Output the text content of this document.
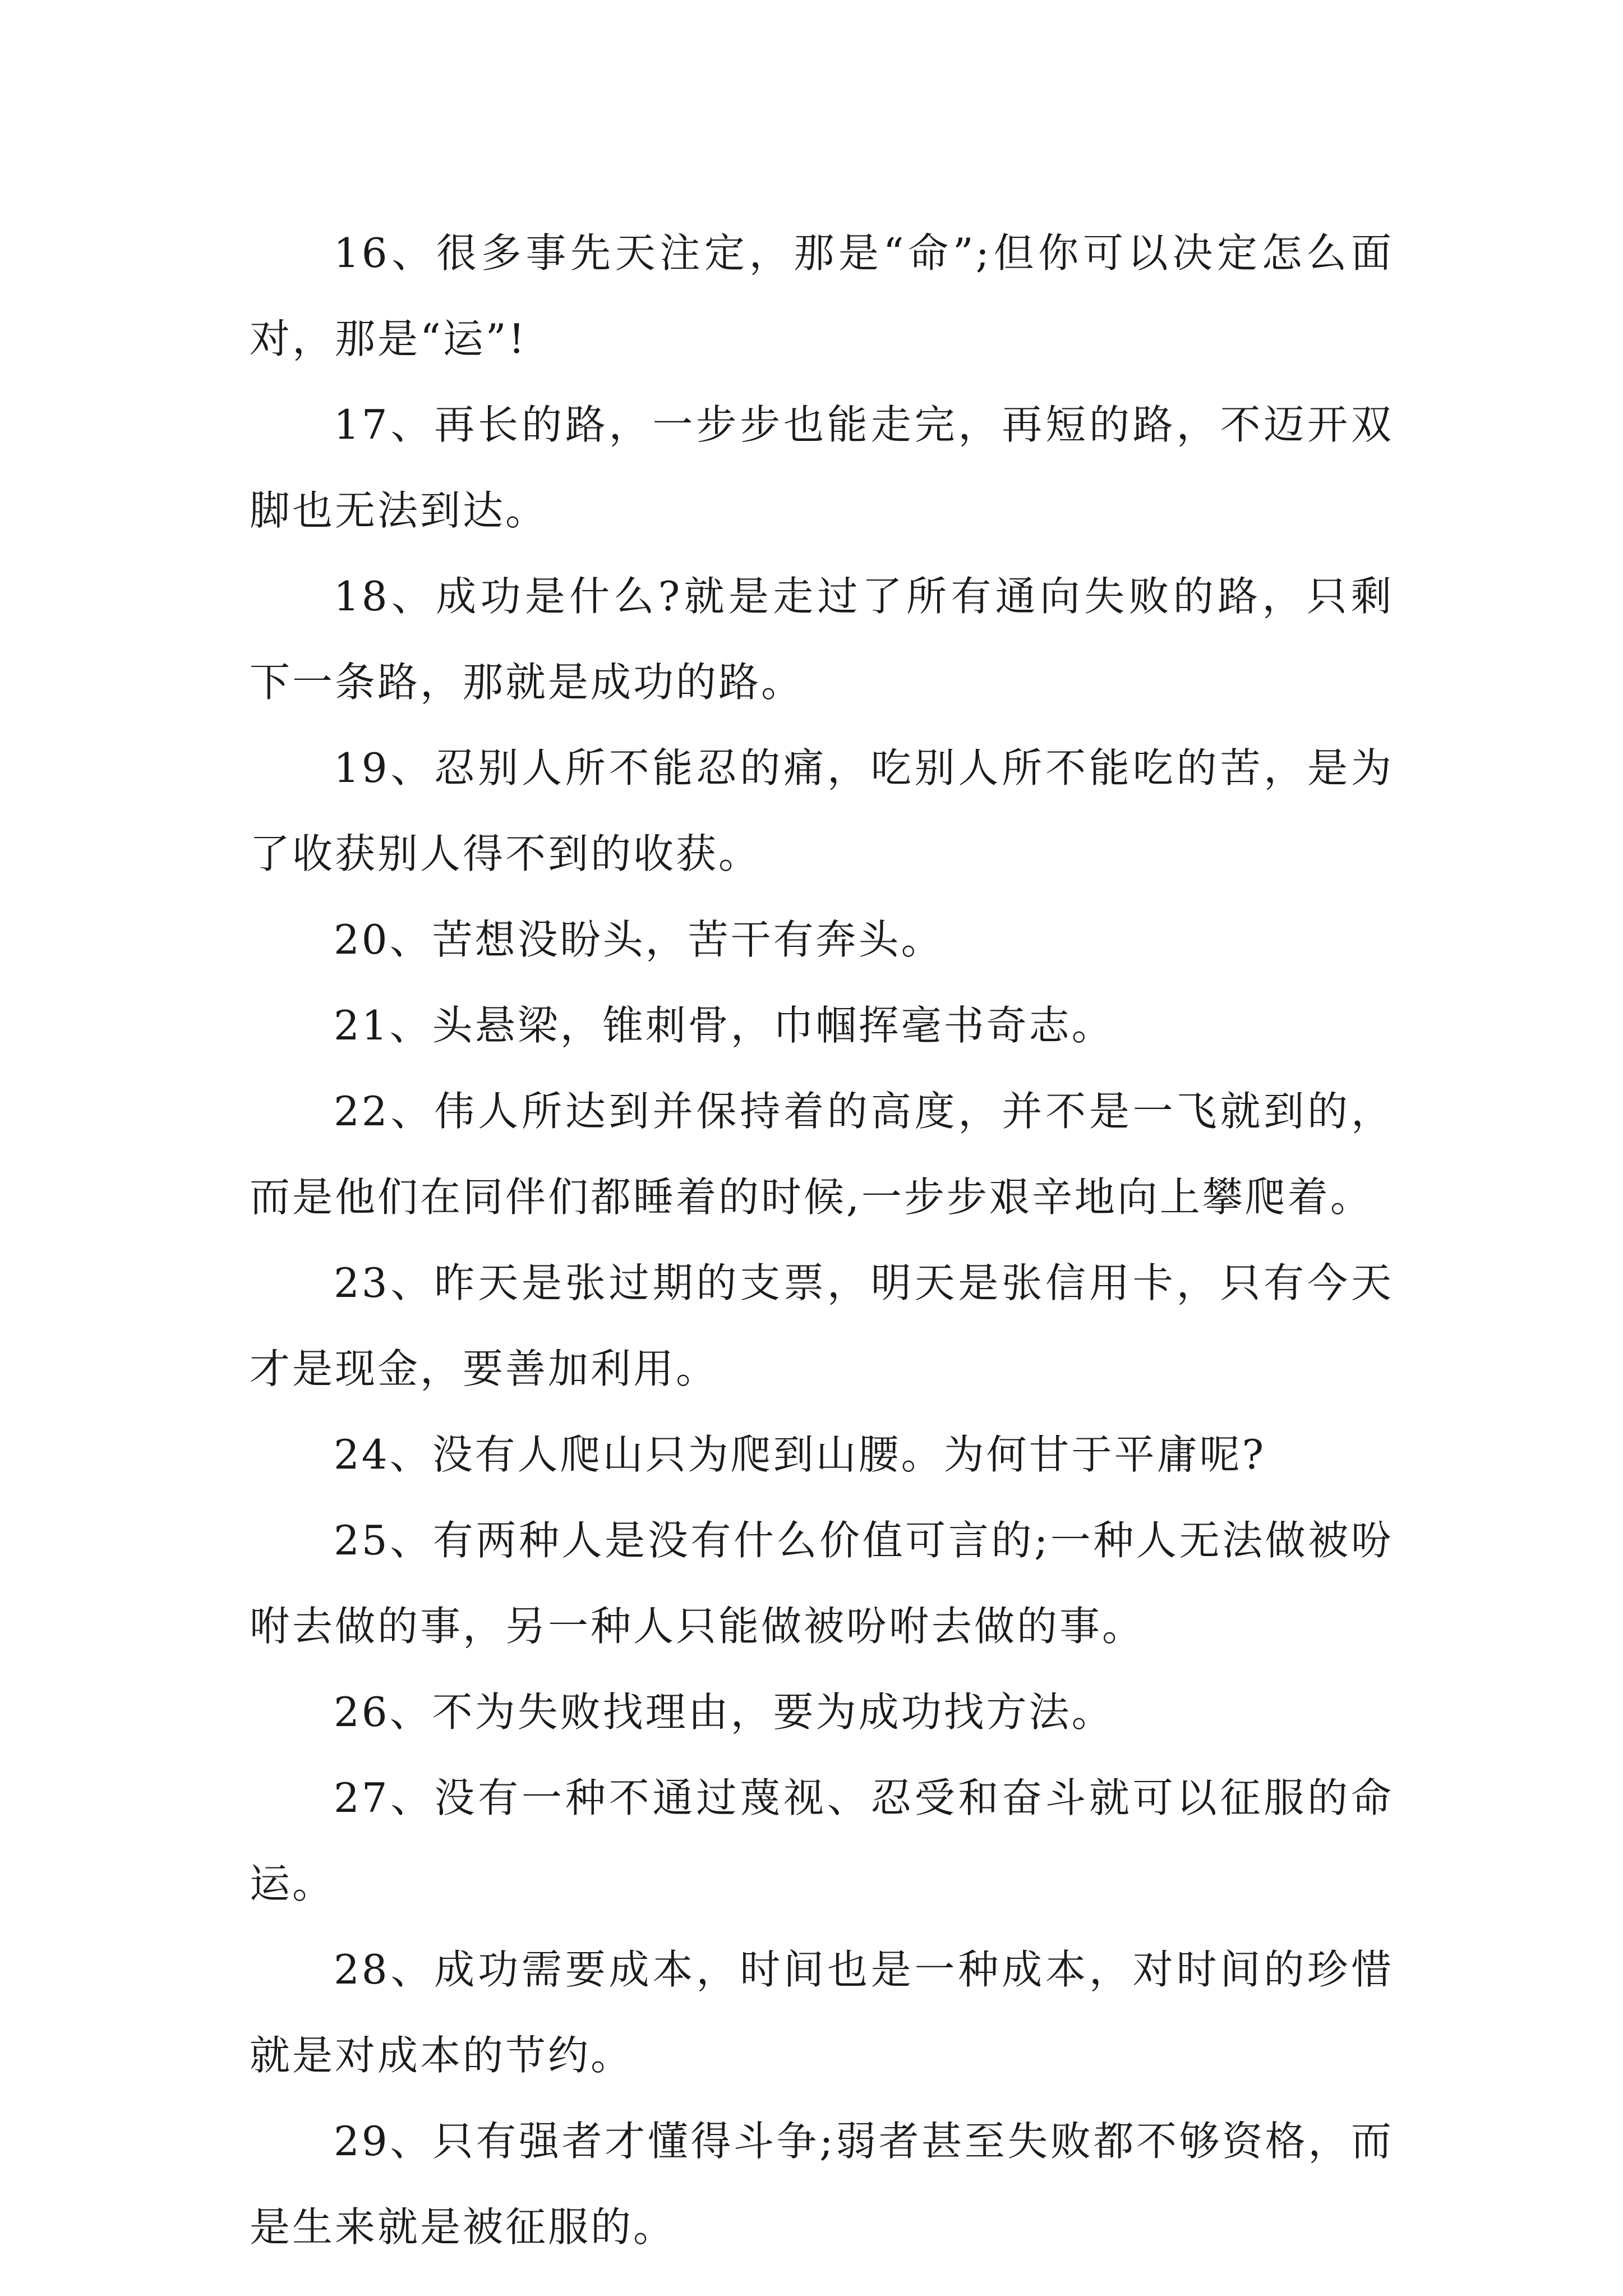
16、很多事先天注定，那是“命”;但你可以决定怎么面对，那是“运”!

17、再长的路，一步步也能走完，再短的路，不迈开双脚也无法到达。

18、成功是什么?就是走过了所有通向失败的路，只剩下一条路，那就是成功的路。

19、忍别人所不能忍的痛，吃别人所不能吃的苦，是为了收获别人得不到的收获。

20、苦想没盼头，苦干有奔头。

21、头悬梁，锥刺骨，巾帼挥毫书奇志。

22、伟人所达到并保持着的高度，并不是一飞就到的，而是他们在同伴们都睡着的时候,一步步艰辛地向上攀爬着。

23、昨天是张过期的支票，明天是张信用卡，只有今天才是现金，要善加利用。

24、没有人爬山只为爬到山腰。为何甘于平庸呢?

25、有两种人是没有什么价值可言的;一种人无法做被吩咐去做的事，另一种人只能做被吩咐去做的事。

26、不为失败找理由，要为成功找方法。

27、没有一种不通过蔑视、忍受和奋斗就可以征服的命运。

28、成功需要成本，时间也是一种成本，对时间的珍惜就是对成本的节约。

29、只有强者才懂得斗争;弱者甚至失败都不够资格，而是生来就是被征服的。
